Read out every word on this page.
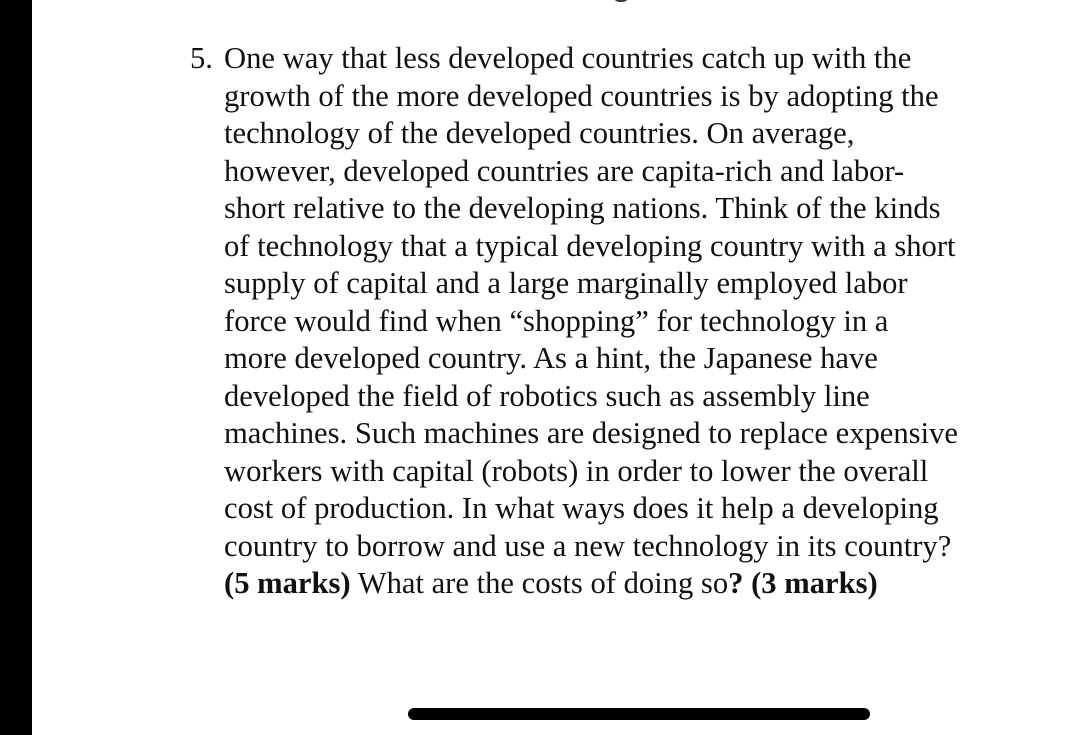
5. One way that less developed countries catch up with the
growth of the more developed countries is by adopting the
technology of the developed countries. On average,
however, developed countries are capita-rich and labor-
short relative to the developing nations. Think of the kinds
of technology that a typical developing country with a short
supply of capital and a large marginally employed labor
force would find when “shopping” for technology in a
more developed country. As a hint, the Japanese have
developed the field of robotics such as assembly line
machines. Such machines are designed to replace expensive
workers with capital (robots) in order to lower the overall
cost of production. In what ways does it help a developing
country to borrow and use a new technology in its country?
(5 marks) What are the costs of doing so? (3 marks)
